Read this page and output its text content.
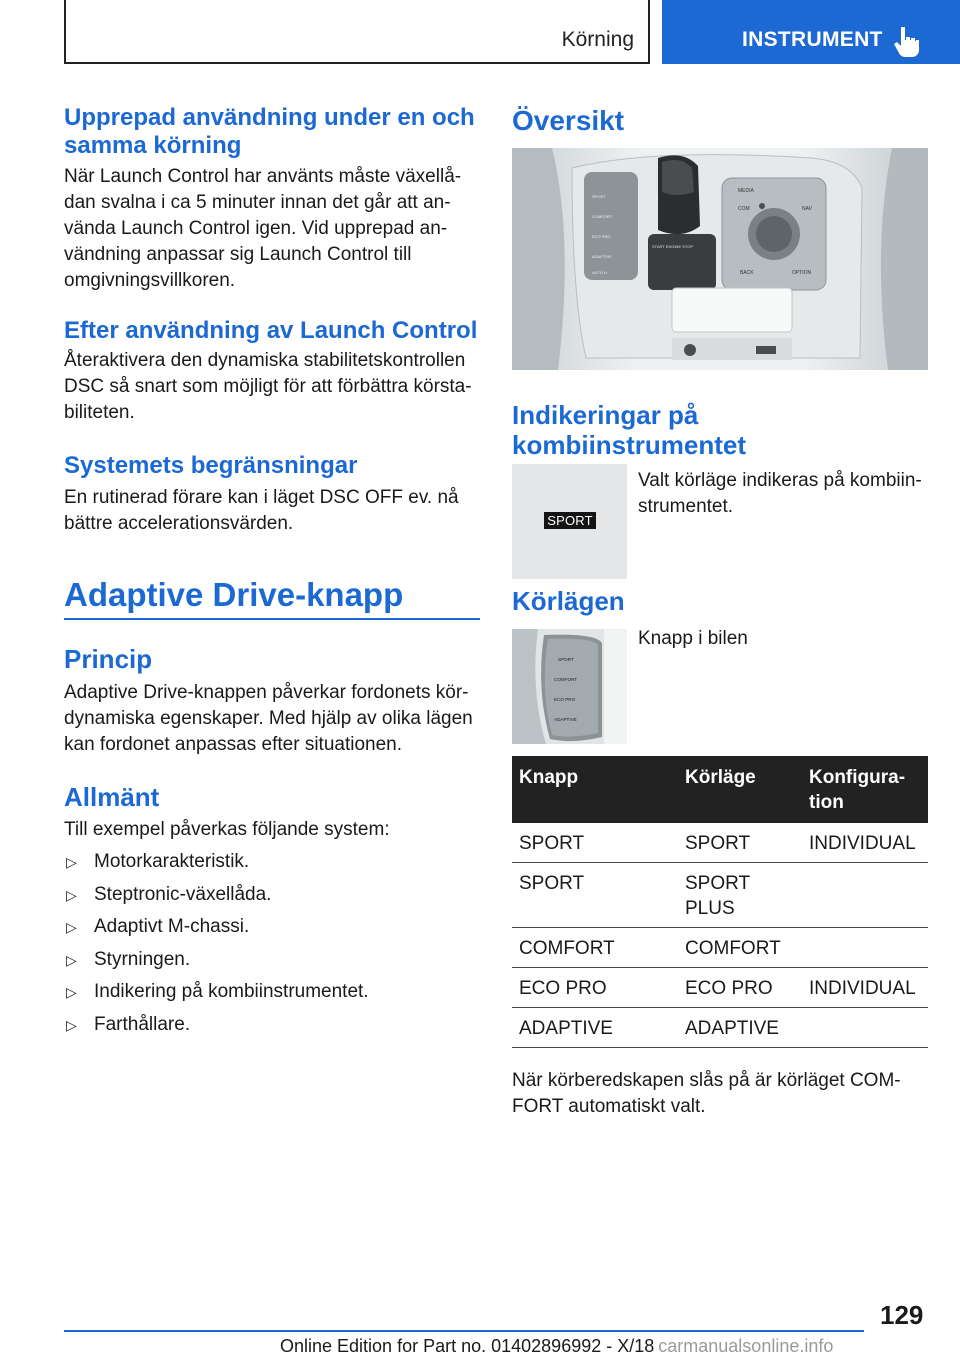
Körning	INSTRUMENT
Upprepad användning under en och samma körning
När Launch Control har använts måste växellå-
dan svalna i ca 5 minuter innan det går att an-
vända Launch Control igen. Vid upprepad an-
vändning anpassar sig Launch Control till
omgivningsvillkoren.
Efter användning av Launch Control
Återaktivera den dynamiska stabilitetskontrollen
DSC så snart som möjligt för att förbättra körsta-
biliteten.
Systemets begränsningar
En rutinerad förare kan i läget DSC OFF ev. nå
bättre accelerationsvärden.
Adaptive Drive-knapp
Princip
Adaptive Drive-knappen påverkar fordonets kör-
dynamiska egenskaper. Med hjälp av olika lägen
kan fordonet anpassas efter situationen.
Allmänt
Till exempel påverkas följande system:
▷ Motorkarakteristik.
▷ Steptronic-växellåda.
▷ Adaptivt M-chassi.
▷ Styrningen.
▷ Indikering på kombiinstrumentet.
▷ Farthållare.
Översikt
MEDIA
COM	NAV
BACK	OPTION
START ENGINE STOP
SPORT
COMFORT
ECO PRO
ADAPTIVE
AUTO H
Indikeringar på
kombiinstrumentet
SPORT
Valt körläge indikeras på kombiin-
strumentet.
Körlägen
SPORT
COMFORT
ECO PRO
ADAPTIVE
Knapp i bilen
Knapp	Körläge	Konfigura-
tion
SPORT	SPORT	INDIVIDUAL
SPORT	SPORT
PLUS	
COMFORT	COMFORT	
ECO PRO	ECO PRO	INDIVIDUAL
ADAPTIVE	ADAPTIVE	
När körberedskapen slås på är körläget COM-
FORT automatiskt valt.
129
Online Edition for Part no. 01402896992 - X/18 carmanualsonline.info
